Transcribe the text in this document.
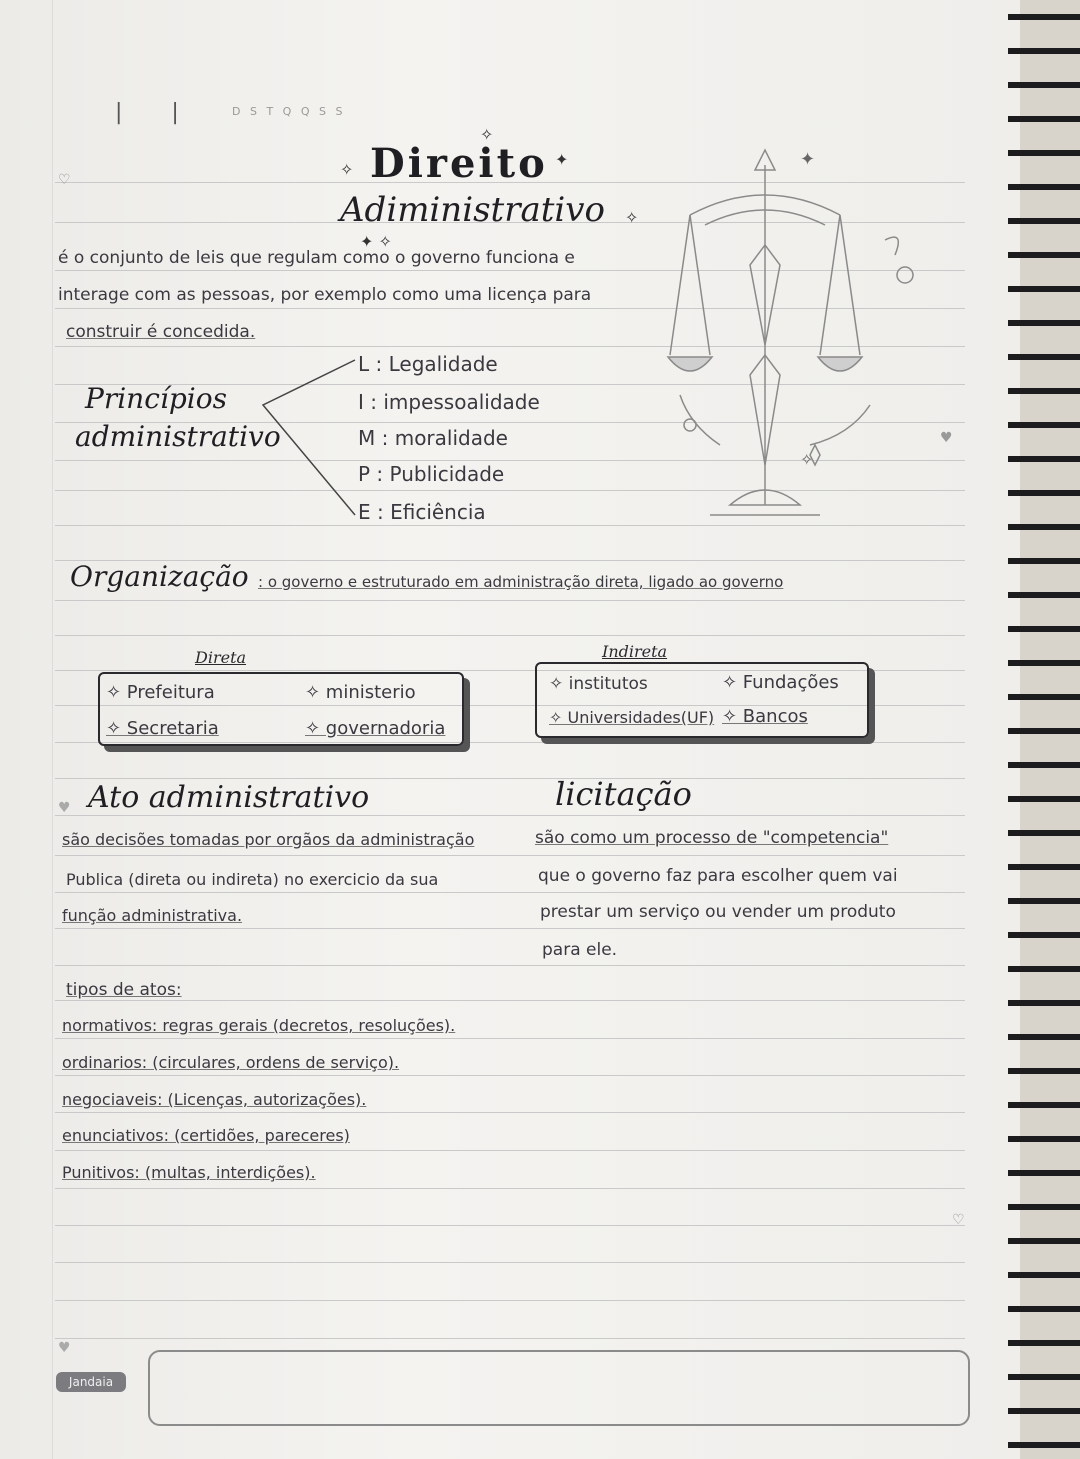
|       |	D S T Q Q S S
♡
✧
✦
✧
Direito
Adiministrativo
✦ ✧
✧
✦
✧
é o conjunto de leis que regulam como o governo funciona e
interage com as pessoas, por exemplo como uma licença para
construir é concedida.
Princípios
administrativo
L : Legalidade
I : impessoalidade
M : moralidade
P : Publicidade
E : Eficiência
♥
Organização : o governo e estruturado em administração direta, ligado ao governo
Direta
✧ Prefeitura	✧ ministerio
✧ Secretaria	✧ governadoria
Indireta
✧ institutos	✧ Fundações
✧ Universidades(UF) ✧ Bancos
♥ Ato administrativo
são decisões tomadas por orgãos da administração
Publica (direta ou indireta) no exercicio da sua
função administrativa.
licitação
são como um processo de "competencia"
que o governo faz para escolher quem vai
prestar um serviço ou vender um produto
para ele.
tipos de atos:
normativos: regras gerais (decretos, resoluções).
ordinarios: (circulares, ordens de serviço).
negociaveis: (Licenças, autorizações).
enunciativos: (certidões, pareceres)
Punitivos: (multas, interdições).
♡
♥
Jandaia
